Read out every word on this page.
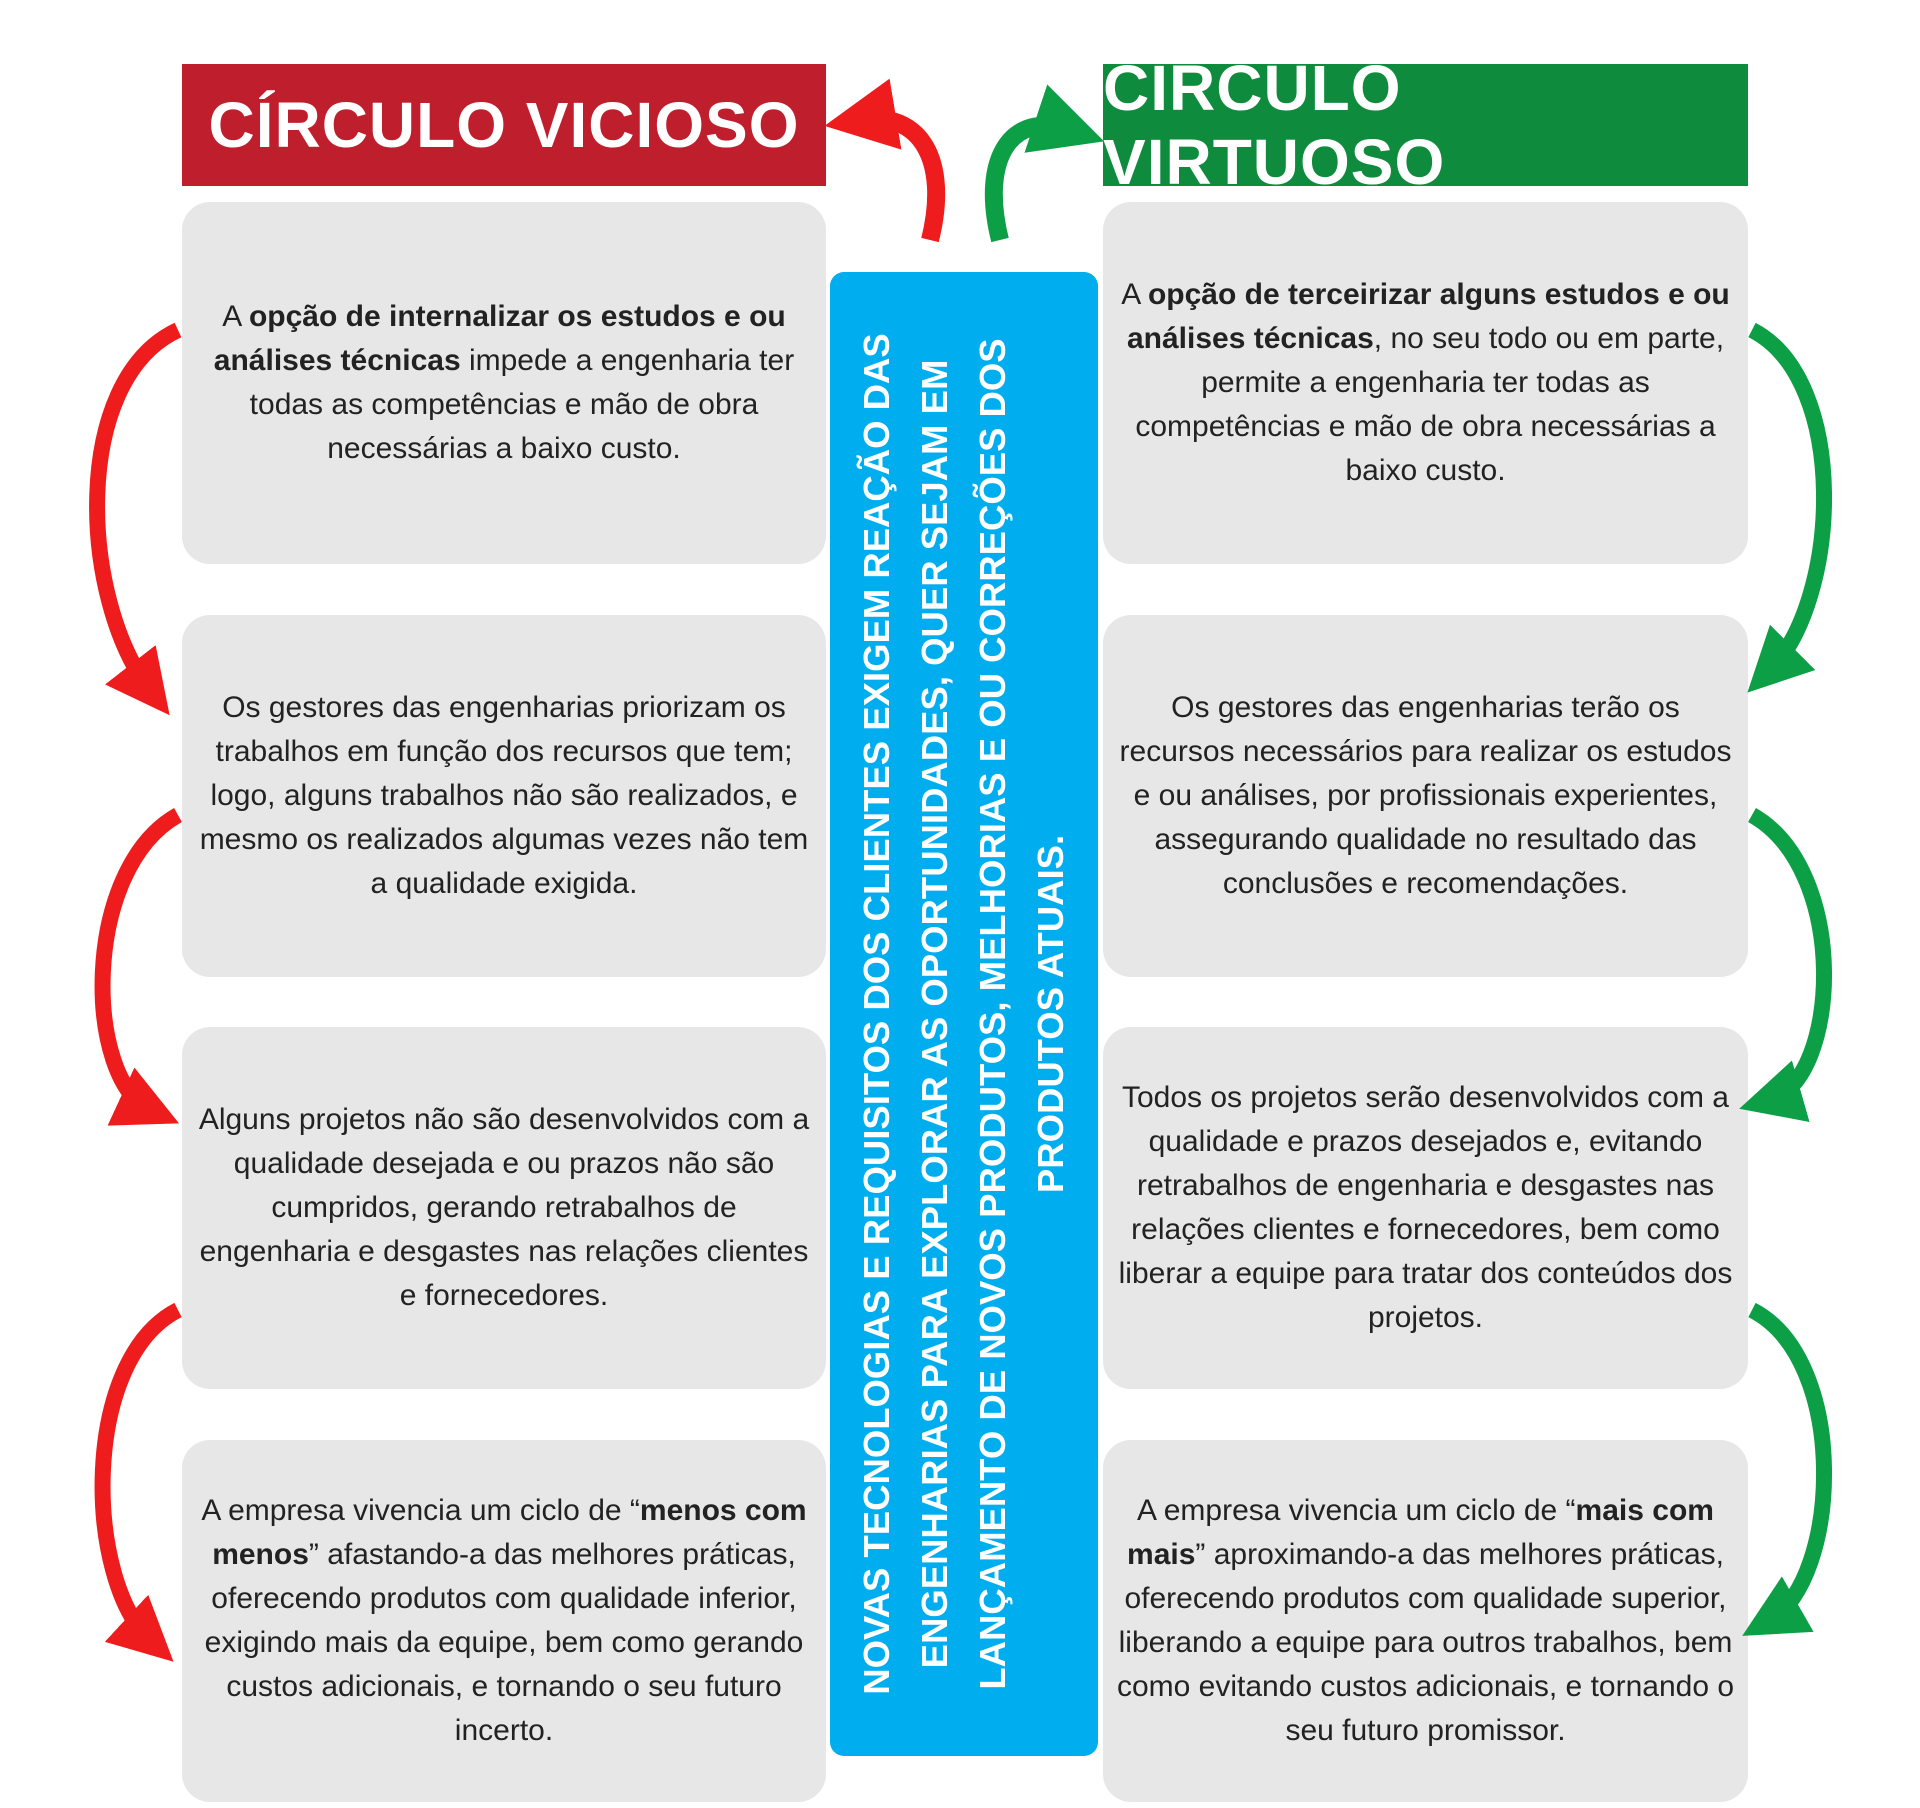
CÍRCULO VICIOSO
CÍRCULO VIRTUOSO
A opção de internalizar os estudos e ou análises técnicas impede a engenharia ter todas as competências e mão de obra necessárias a baixo custo.
Os gestores das engenharias priorizam os trabalhos em função dos recursos que tem; logo, alguns trabalhos não são realizados, e mesmo os realizados algumas vezes não tem a qualidade exigida.
Alguns projetos não são desenvolvidos com a qualidade desejada e ou prazos não são cumpridos, gerando retrabalhos de engenharia e desgastes nas relações clientes e fornecedores.
A empresa vivencia um ciclo de “menos com menos” afastando-a das melhores práticas, oferecendo produtos com qualidade inferior, exigindo mais da equipe, bem como gerando custos adicionais, e tornando o seu futuro incerto.
A opção de terceirizar alguns estudos e ou análises técnicas, no seu todo ou em parte, permite a engenharia ter todas as competências e mão de obra necessárias a baixo custo.
Os gestores das engenharias terão os recursos necessários para realizar os estudos e ou análises, por profissionais experientes, assegurando qualidade no resultado das conclusões e recomendações.
Todos os projetos serão desenvolvidos com a qualidade e prazos desejados e, evitando retrabalhos de engenharia e desgastes nas relações clientes e fornecedores, bem como liberar a equipe para tratar dos conteúdos dos projetos.
A empresa vivencia um ciclo de “mais com mais” aproximando-a das melhores práticas, oferecendo produtos com qualidade superior, liberando a equipe para outros trabalhos, bem como evitando custos adicionais, e tornando o seu futuro promissor.
NOVAS TECNOLOGIAS E REQUISITOS DOS CLIENTES EXIGEM REAÇÃO DAS ENGENHARIAS PARA EXPLORAR AS OPORTUNIDADES, QUER SEJAM EM LANÇAMENTO DE NOVOS PRODUTOS, MELHORIAS E OU CORREÇÕES DOS PRODUTOS ATUAIS.
